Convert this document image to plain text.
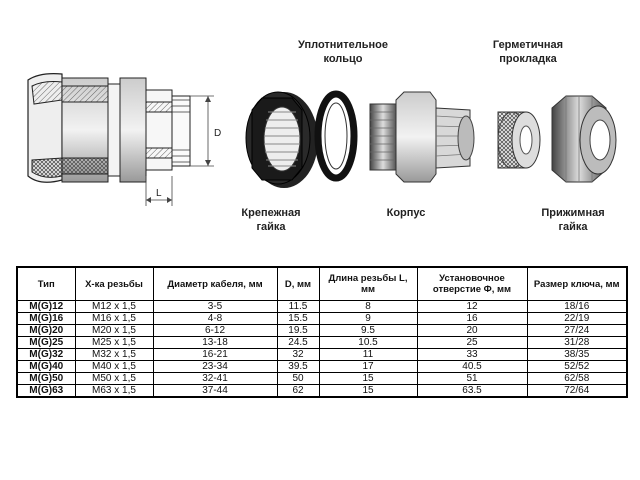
D
L
Уплотнительное
кольцо
Герметичная
прокладка
Крепежная
гайка
Корпус	Прижимная
гайка
Тип	Х-ка резьбы	Диаметр кабеля, мм	D, мм	Длина резьбы L, мм	Установочное отверстие Ф, мм	Размер ключа, мм
M(G)12	M12 x 1,5	3-5	11.5	8	12	18/16
M(G)16	M16 x 1,5	4-8	15.5	9	16	22/19
M(G)20	M20 x 1,5	6-12	19.5	9.5	20	27/24
M(G)25	M25 x 1,5	13-18	24.5	10.5	25	31/28
M(G)32	M32 x 1,5	16-21	32	11	33	38/35
M(G)40	M40 x 1,5	23-34	39.5	17	40.5	52/52
M(G)50	M50 x 1,5	32-41	50	15	51	62/58
M(G)63	M63 x 1,5	37-44	62	15	63.5	72/64
